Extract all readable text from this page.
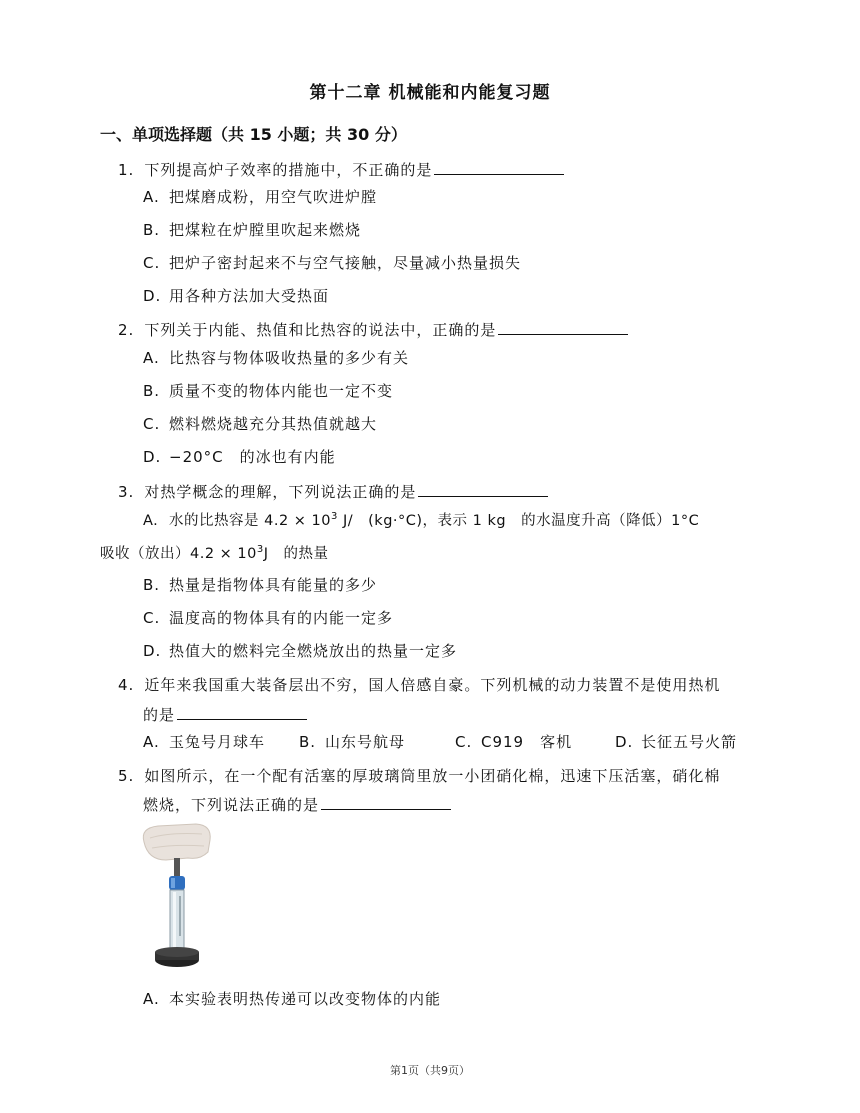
第十二章 机械能和内能复习题
一、单项选择题（共 15 小题；共 30 分）
1. 下列提高炉子效率的措施中，不正确的是
A. 把煤磨成粉，用空气吹进炉膛
B. 把煤粒在炉膛里吹起来燃烧
C. 把炉子密封起来不与空气接触，尽量减小热量损失
D. 用各种方法加大受热面
2. 下列关于内能、热值和比热容的说法中，正确的是
A. 比热容与物体吸收热量的多少有关
B. 质量不变的物体内能也一定不变
C. 燃料燃烧越充分其热值就越大
D. −20°C　的冰也有内能
3. 对热学概念的理解，下列说法正确的是
A. 水的比热容是 $4.2 \times 10^3$ J/　(kg·°C)，表示 1 kg　的水温度升高（降低）1°C
吸收（放出）$4.2 \times 10^3J$　的热量
B. 热量是指物体具有能量的多少
C. 温度高的物体具有的内能一定多
D. 热值大的燃料完全燃烧放出的热量一定多
4. 近年来我国重大装备层出不穷，国人倍感自豪。下列机械的动力装置不是使用热机
的是
A. 玉兔号月球车 B. 山东号航母	C. C919　客机	D. 长征五号火箭
5. 如图所示，在一个配有活塞的厚玻璃筒里放一小团硝化棉，迅速下压活塞，硝化棉
燃烧，下列说法正确的是
A. 本实验表明热传递可以改变物体的内能
第1页（共9页）
